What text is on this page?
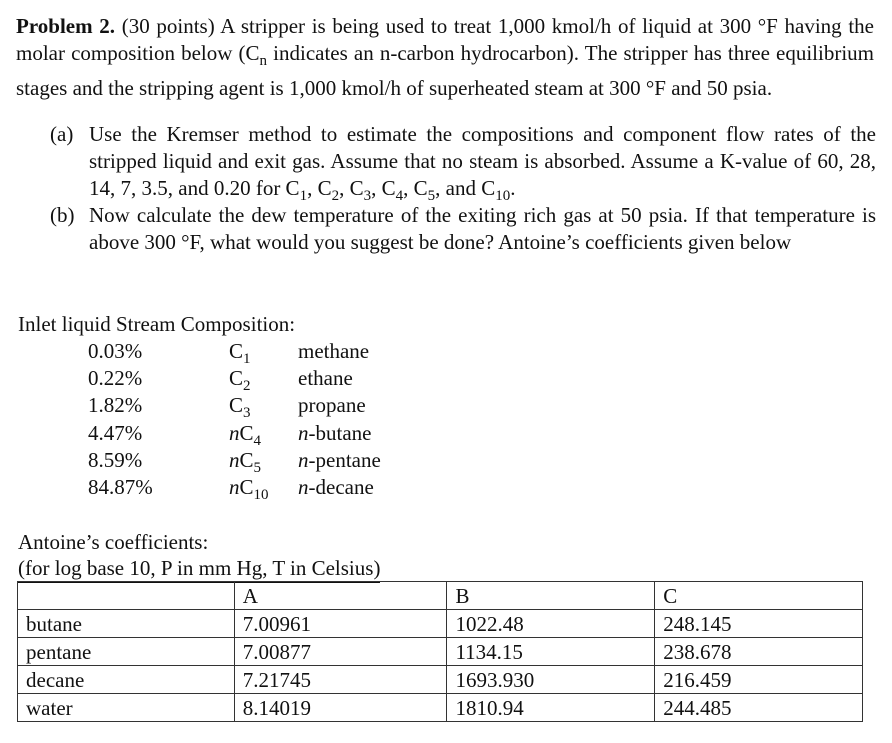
Problem 2. (30 points) A stripper is being used to treat 1,000 kmol/h of liquid at 300 °F having the molar composition below ($C_n$ indicates an n-carbon hydrocarbon). The stripper has three equilibrium stages and the stripping agent is 1,000 kmol/h of superheated steam at 300 °F and 50 psia.

(a) Use the Kremser method to estimate the compositions and component flow rates of the stripped liquid and exit gas. Assume that no steam is absorbed. Assume a K-value of 60, 28, 14, 7, 3.5, and 0.20 for $C_1$, $C_2$, $C_3$, $C_4$, $C_5$, and $C_{10}$.
(b) Now calculate the dew temperature of the exiting rich gas at 50 psia. If that temperature is above 300 °F, what would you suggest be done? Antoine’s coefficients given below
Inlet liquid Stream Composition:
0.03%	$C_1$ methane
0.22%	$C_2$ ethane
1.82%	$C_3$ propane
4.47%	$nC_4$ n-butane
8.59%	$nC_5$ n-pentane
84.87%	$nC_{10}$ n-decane
Antoine’s coefficients:
(for log base 10, P in mm Hg, T in Celsius)
	A	B	C
butane	7.00961	1022.48	248.145
pentane	7.00877	1134.15	238.678
decane	7.21745	1693.930	216.459
water	8.14019	1810.94	244.485
